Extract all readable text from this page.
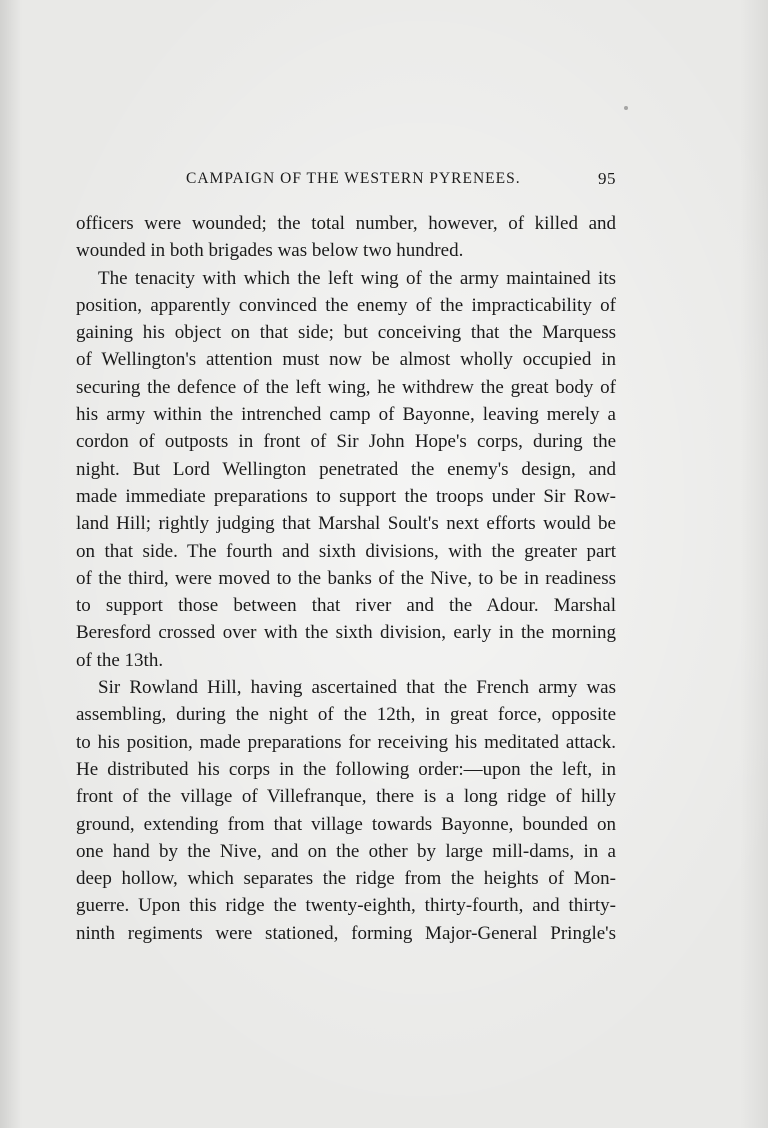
CAMPAIGN OF THE WESTERN PYRENEES.	95
officers were wounded; the total number, however, of killed and
wounded in both brigades was below two hundred.
The tenacity with which the left wing of the army maintained its
position, apparently convinced the enemy of the impracticability of
gaining his object on that side; but conceiving that the Marquess
of Wellington's attention must now be almost wholly occupied in
securing the defence of the left wing, he withdrew the great body of
his army within the intrenched camp of Bayonne, leaving merely a
cordon of outposts in front of Sir John Hope's corps, during the
night. But Lord Wellington penetrated the enemy's design, and
made immediate preparations to support the troops under Sir Row-
land Hill; rightly judging that Marshal Soult's next efforts would be
on that side. The fourth and sixth divisions, with the greater part
of the third, were moved to the banks of the Nive, to be in readiness
to support those between that river and the Adour. Marshal
Beresford crossed over with the sixth division, early in the morning
of the 13th.
Sir Rowland Hill, having ascertained that the French army was
assembling, during the night of the 12th, in great force, opposite
to his position, made preparations for receiving his meditated attack.
He distributed his corps in the following order:—upon the left, in
front of the village of Villefranque, there is a long ridge of hilly
ground, extending from that village towards Bayonne, bounded on
one hand by the Nive, and on the other by large mill-dams, in a
deep hollow, which separates the ridge from the heights of Mon-
guerre. Upon this ridge the twenty-eighth, thirty-fourth, and thirty-
ninth regiments were stationed, forming Major-General Pringle's
